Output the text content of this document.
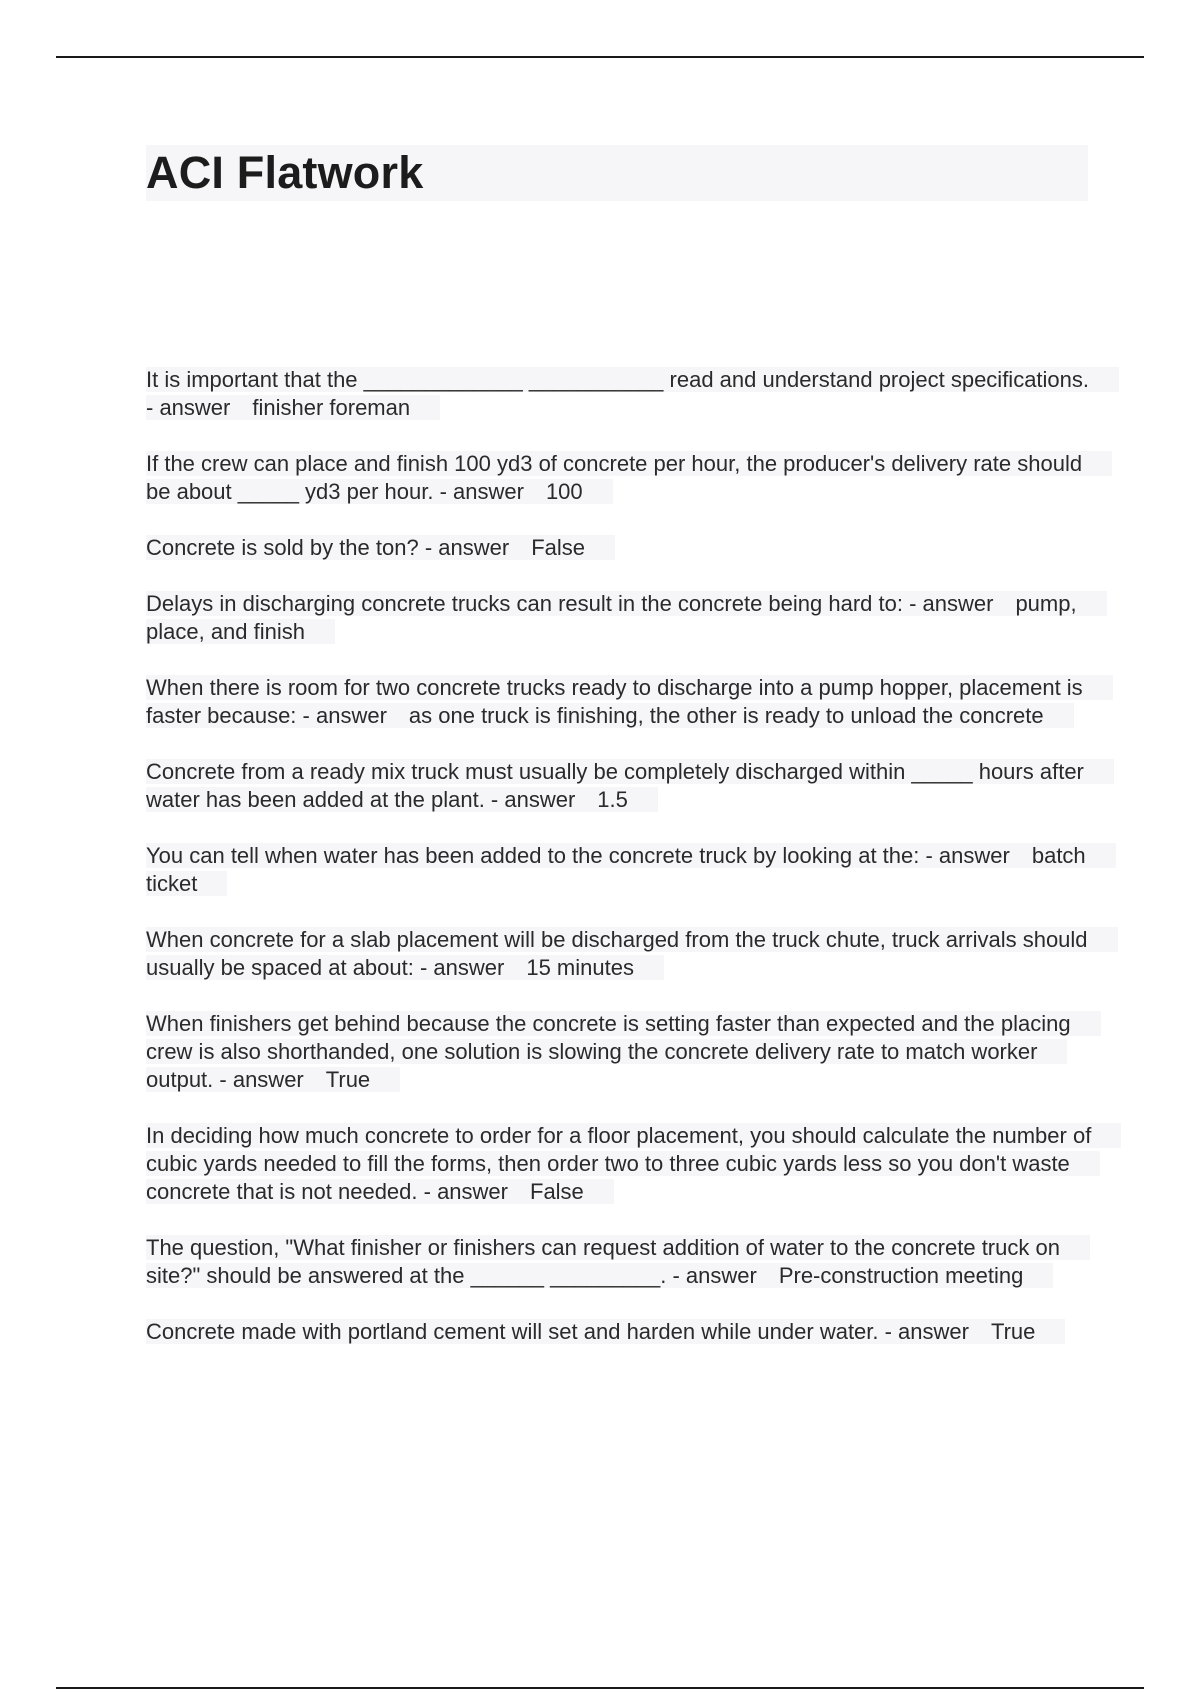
ACI Flatwork

It is important that the _____________ ___________ read and understand project specifications. - answer finisher foreman

If the crew can place and finish 100 yd3 of concrete per hour, the producer's delivery rate should be about _____ yd3 per hour. - answer 100

Concrete is sold by the ton? - answer False

Delays in discharging concrete trucks can result in the concrete being hard to: - answer pump, place, and finish

When there is room for two concrete trucks ready to discharge into a pump hopper, placement is faster because: - answer as one truck is finishing, the other is ready to unload the concrete

Concrete from a ready mix truck must usually be completely discharged within _____ hours after water has been added at the plant. - answer 1.5

You can tell when water has been added to the concrete truck by looking at the: - answer batch ticket

When concrete for a slab placement will be discharged from the truck chute, truck arrivals should usually be spaced at about: - answer 15 minutes

When finishers get behind because the concrete is setting faster than expected and the placing crew is also shorthanded, one solution is slowing the concrete delivery rate to match worker output. - answer True

In deciding how much concrete to order for a floor placement, you should calculate the number of cubic yards needed to fill the forms, then order two to three cubic yards less so you don't waste concrete that is not needed. - answer False

The question, "What finisher or finishers can request addition of water to the concrete truck on site?" should be answered at the ______ _________. - answer Pre-construction meeting

Concrete made with portland cement will set and harden while under water. - answer True
